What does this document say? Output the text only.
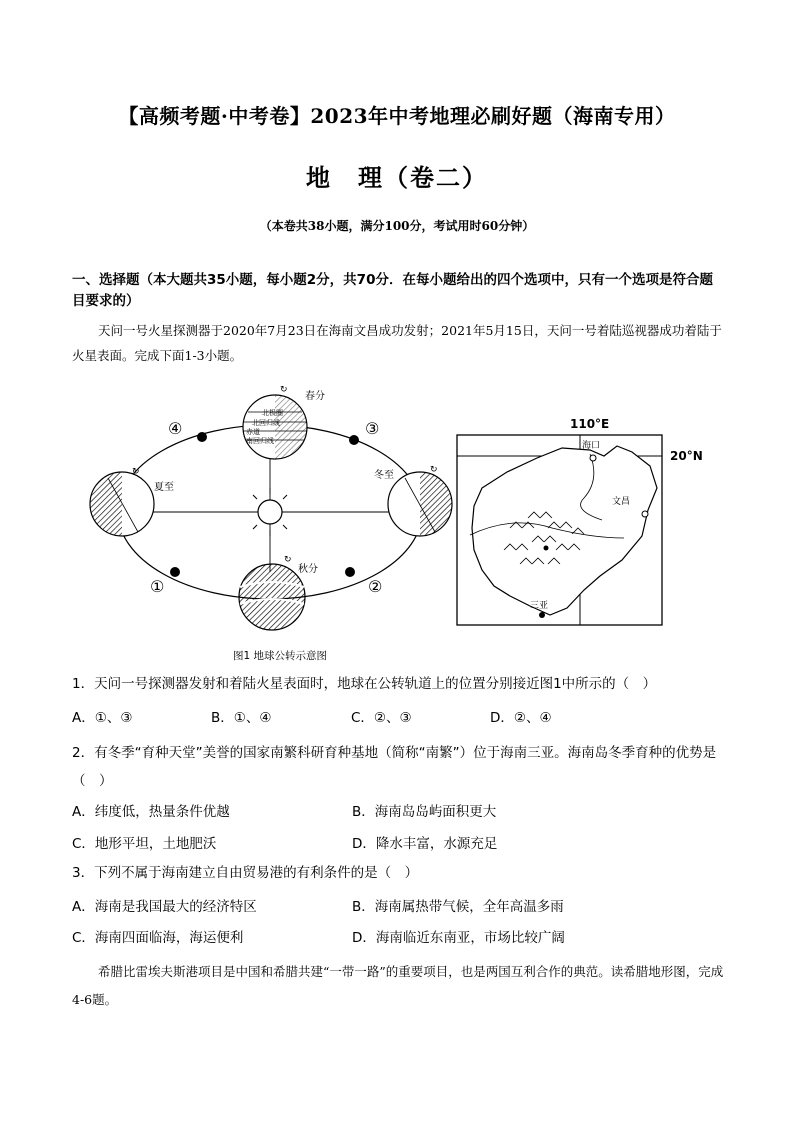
【高频考题·中考卷】2023年中考地理必刷好题（海南专用）
地　理（卷二）
（本卷共38小题，满分100分，考试用时60分钟）
一、选择题（本大题共35小题，每小题2分，共70分．在每小题给出的四个选项中，只有一个选项是符合题目要求的）
天问一号火星探测器于2020年7月23日在海南文昌成功发射；2021年5月15日，天问一号着陆巡视器成功着陆于火星表面。完成下面1-3小题。
北极圈
北回归线
赤道
南回归线
春分
↻
夏至
↻	冬至	↻
秋分
↻
④	③
①	②
图1 地球公转示意图
110°E
20°N
海口
文昌
三亚
1．天问一号探测器发射和着陆火星表面时，地球在公转轨道上的位置分别接近图1中所示的（　）
A．①、③	B．①、④	C．②、③	D．②、④
2．有冬季“育种天堂”美誉的国家南繁科研育种基地（简称“南繁”）位于海南三亚。海南岛冬季育种的优势是（　）
A．纬度低，热量条件优越	B．海南岛岛屿面积更大
C．地形平坦，土地肥沃	D．降水丰富，水源充足
3．下列不属于海南建立自由贸易港的有利条件的是（　）
A．海南是我国最大的经济特区	B．海南属热带气候，全年高温多雨
C．海南四面临海，海运便利	D．海南临近东南亚，市场比较广阔
希腊比雷埃夫斯港项目是中国和希腊共建“一带一路”的重要项目，也是两国互利合作的典范。读希腊地形图，完成4-6题。
